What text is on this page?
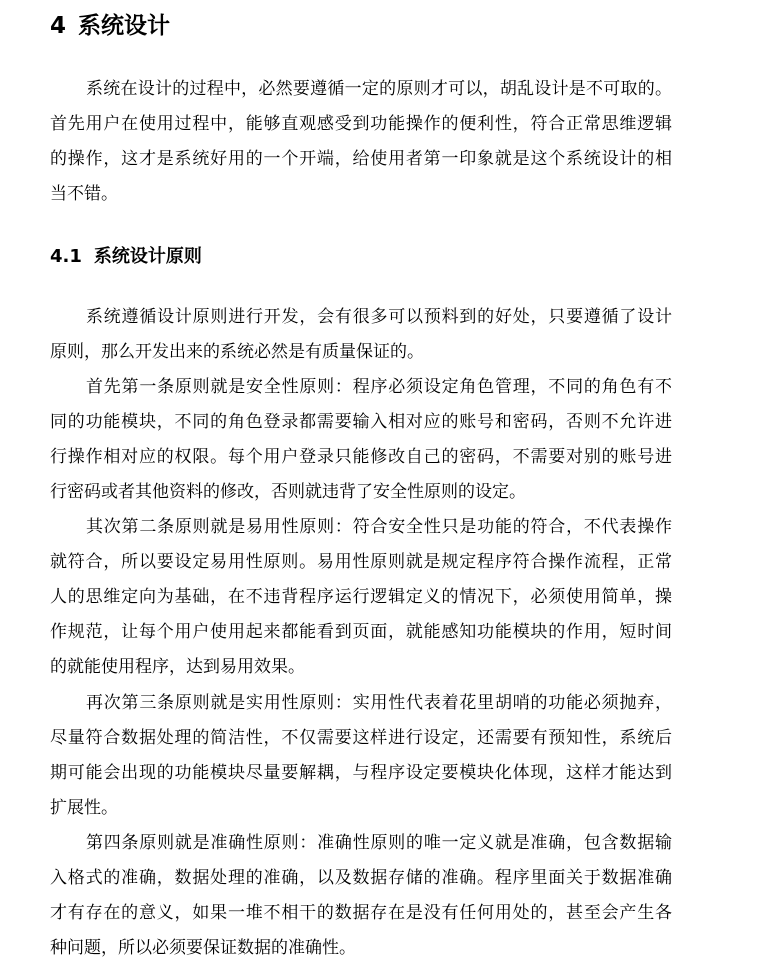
4 系统设计

系统在设计的过程中，必然要遵循一定的原则才可以，胡乱设计是不可取的。

首先用户在使用过程中，能够直观感受到功能操作的便利性，符合正常思维逻辑

的操作，这才是系统好用的一个开端，给使用者第一印象就是这个系统设计的相

当不错。

4.1 系统设计原则

系统遵循设计原则进行开发，会有很多可以预料到的好处，只要遵循了设计

原则，那么开发出来的系统必然是有质量保证的。

首先第一条原则就是安全性原则：程序必须设定角色管理，不同的角色有不

同的功能模块，不同的角色登录都需要输入相对应的账号和密码，否则不允许进

行操作相对应的权限。每个用户登录只能修改自己的密码，不需要对别的账号进

行密码或者其他资料的修改，否则就违背了安全性原则的设定。

其次第二条原则就是易用性原则：符合安全性只是功能的符合，不代表操作

就符合，所以要设定易用性原则。易用性原则就是规定程序符合操作流程，正常

人的思维定向为基础，在不违背程序运行逻辑定义的情况下，必须使用简单，操

作规范，让每个用户使用起来都能看到页面，就能感知功能模块的作用，短时间

的就能使用程序，达到易用效果。

再次第三条原则就是实用性原则：实用性代表着花里胡哨的功能必须抛弃，

尽量符合数据处理的简洁性，不仅需要这样进行设定，还需要有预知性，系统后

期可能会出现的功能模块尽量要解耦，与程序设定要模块化体现，这样才能达到

扩展性。

第四条原则就是准确性原则：准确性原则的唯一定义就是准确，包含数据输

入格式的准确，数据处理的准确，以及数据存储的准确。程序里面关于数据准确

才有存在的意义，如果一堆不相干的数据存在是没有任何用处的，甚至会产生各

种问题，所以必须要保证数据的准确性。
